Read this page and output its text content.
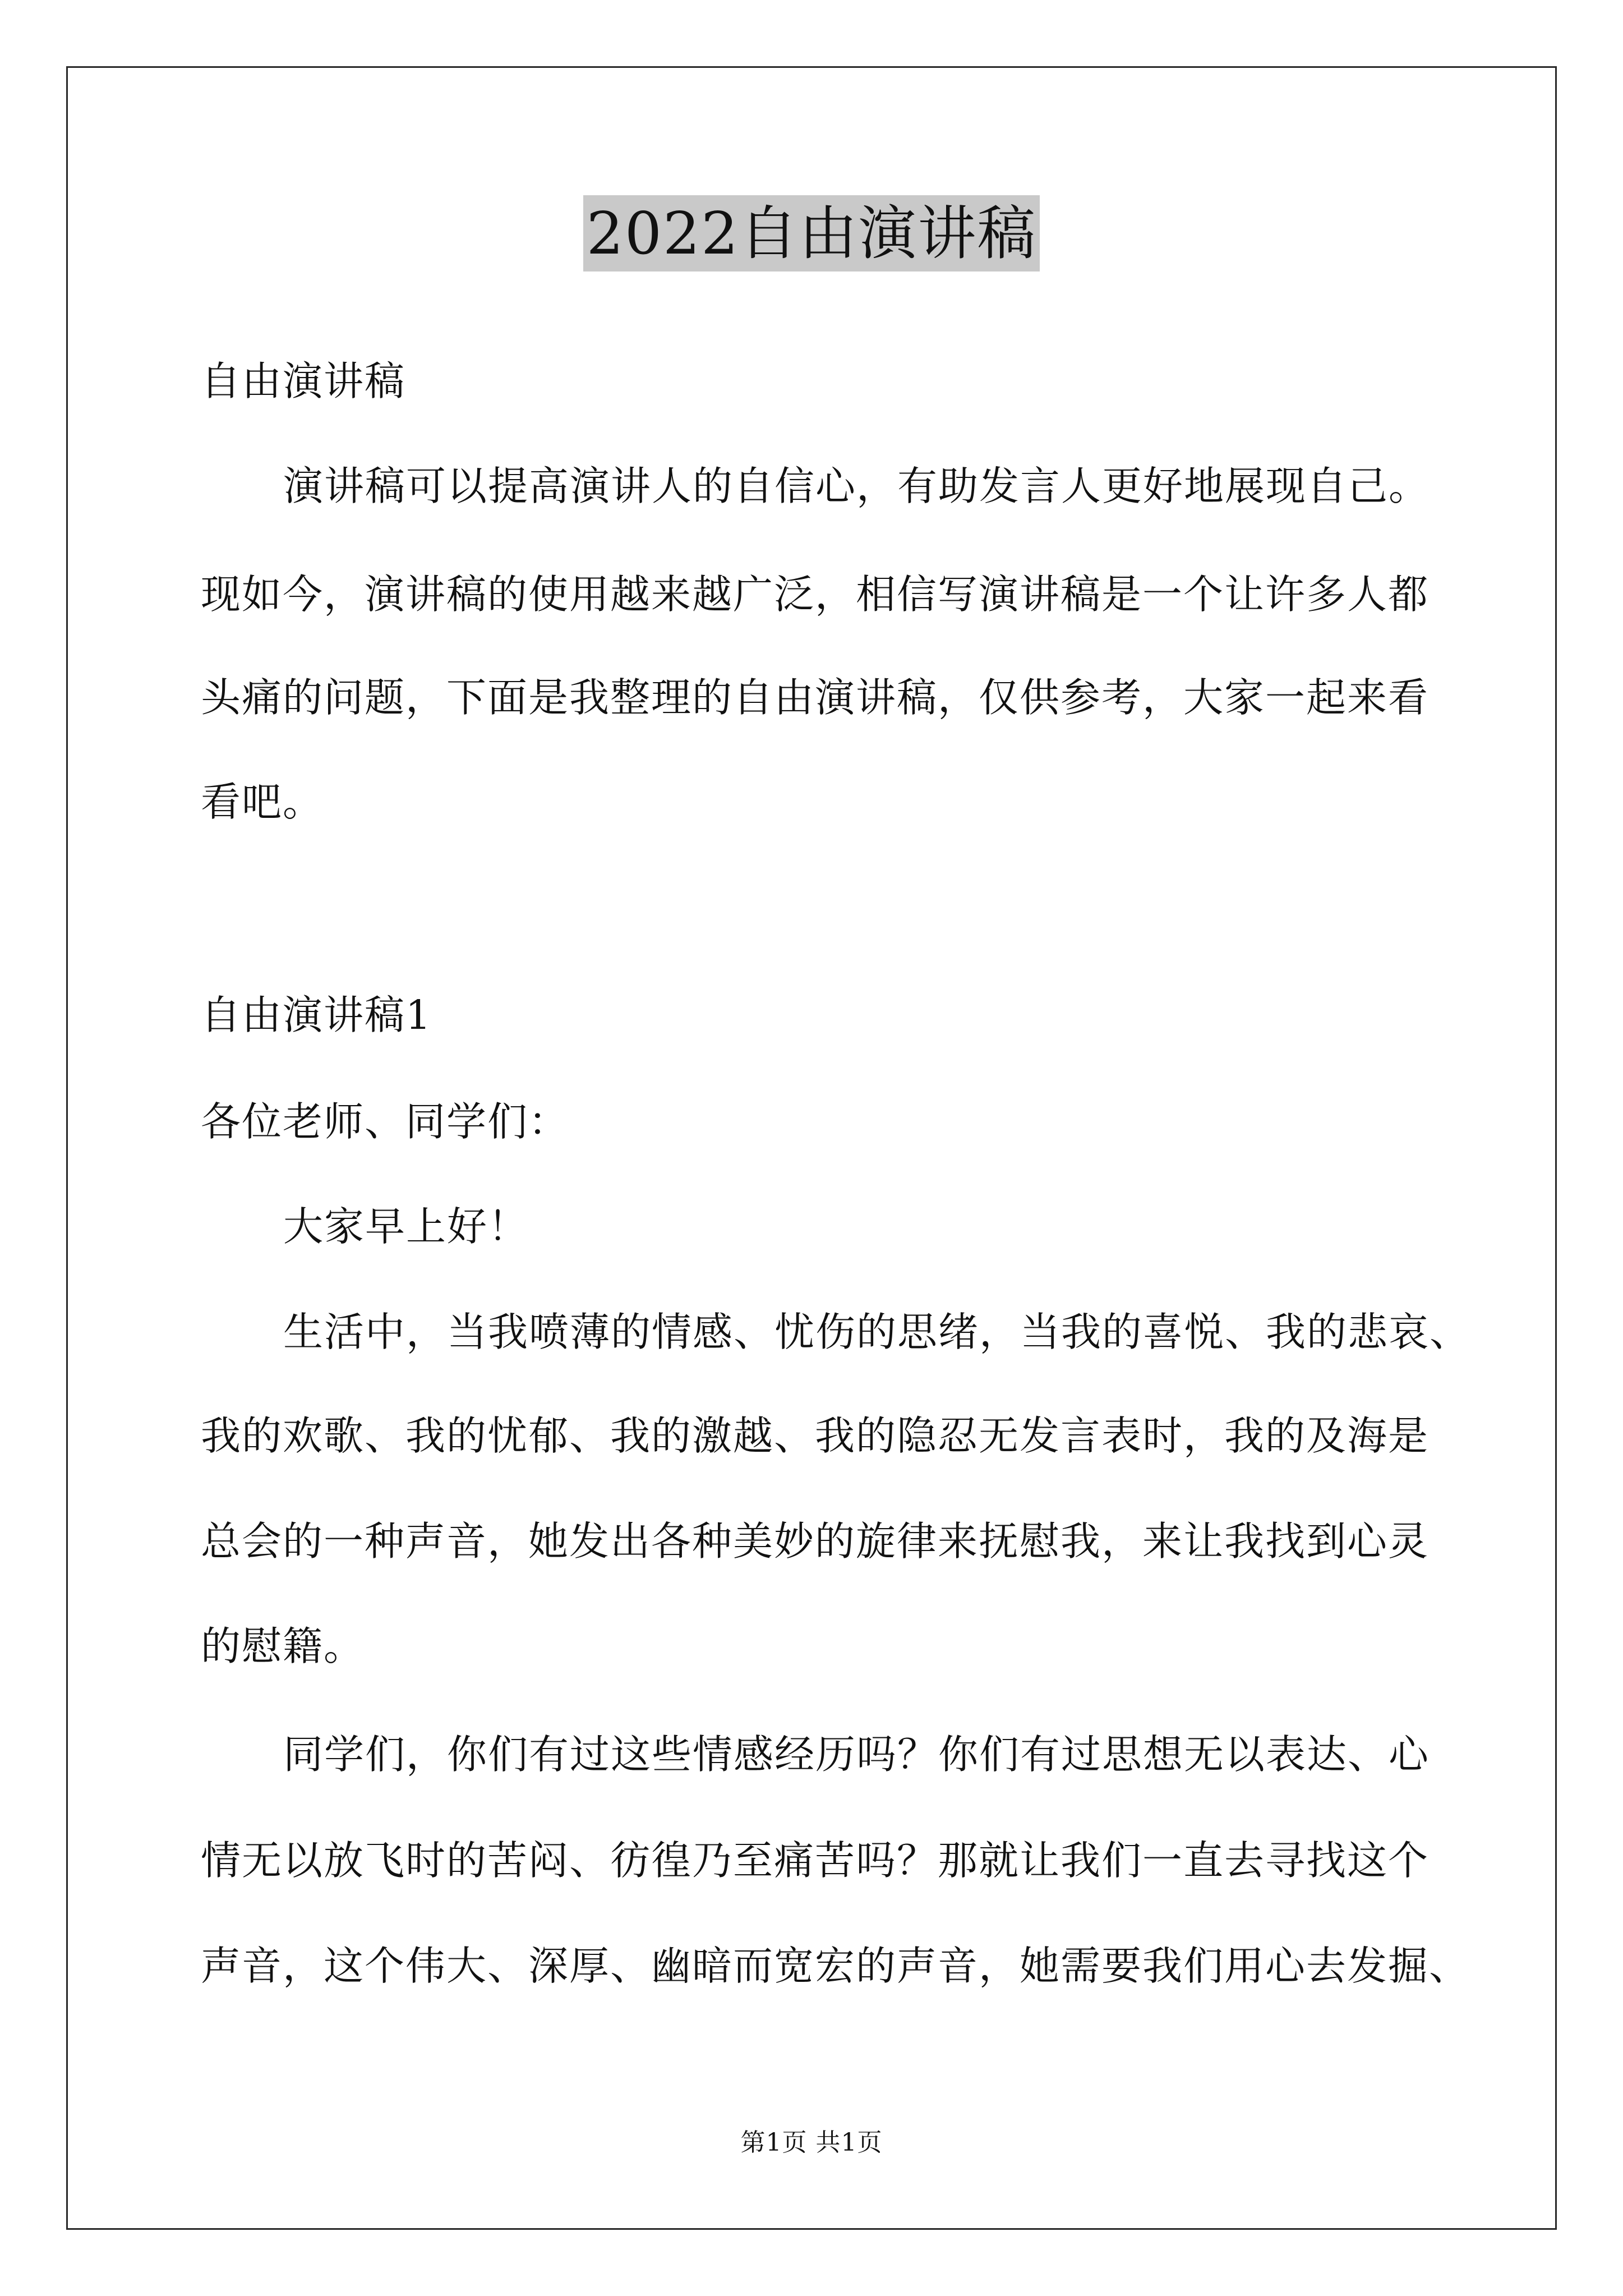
2022自由演讲稿
自由演讲稿
演讲稿可以提高演讲人的自信心，有助发言人更好地展现自己。
现如今，演讲稿的使用越来越广泛，相信写演讲稿是一个让许多人都
头痛的问题，下面是我整理的自由演讲稿，仅供参考，大家一起来看
看吧。
自由演讲稿1
各位老师、同学们：
大家早上好！
生活中，当我喷薄的情感、忧伤的思绪，当我的喜悦、我的悲哀、
我的欢歌、我的忧郁、我的激越、我的隐忍无发言表时，我的及海是
总会的一种声音，她发出各种美妙的旋律来抚慰我，来让我找到心灵
的慰籍。
同学们，你们有过这些情感经历吗？你们有过思想无以表达、心
情无以放飞时的苦闷、彷徨乃至痛苦吗？那就让我们一直去寻找这个
声音，这个伟大、深厚、幽暗而宽宏的声音，她需要我们用心去发掘、
第1页 共1页
